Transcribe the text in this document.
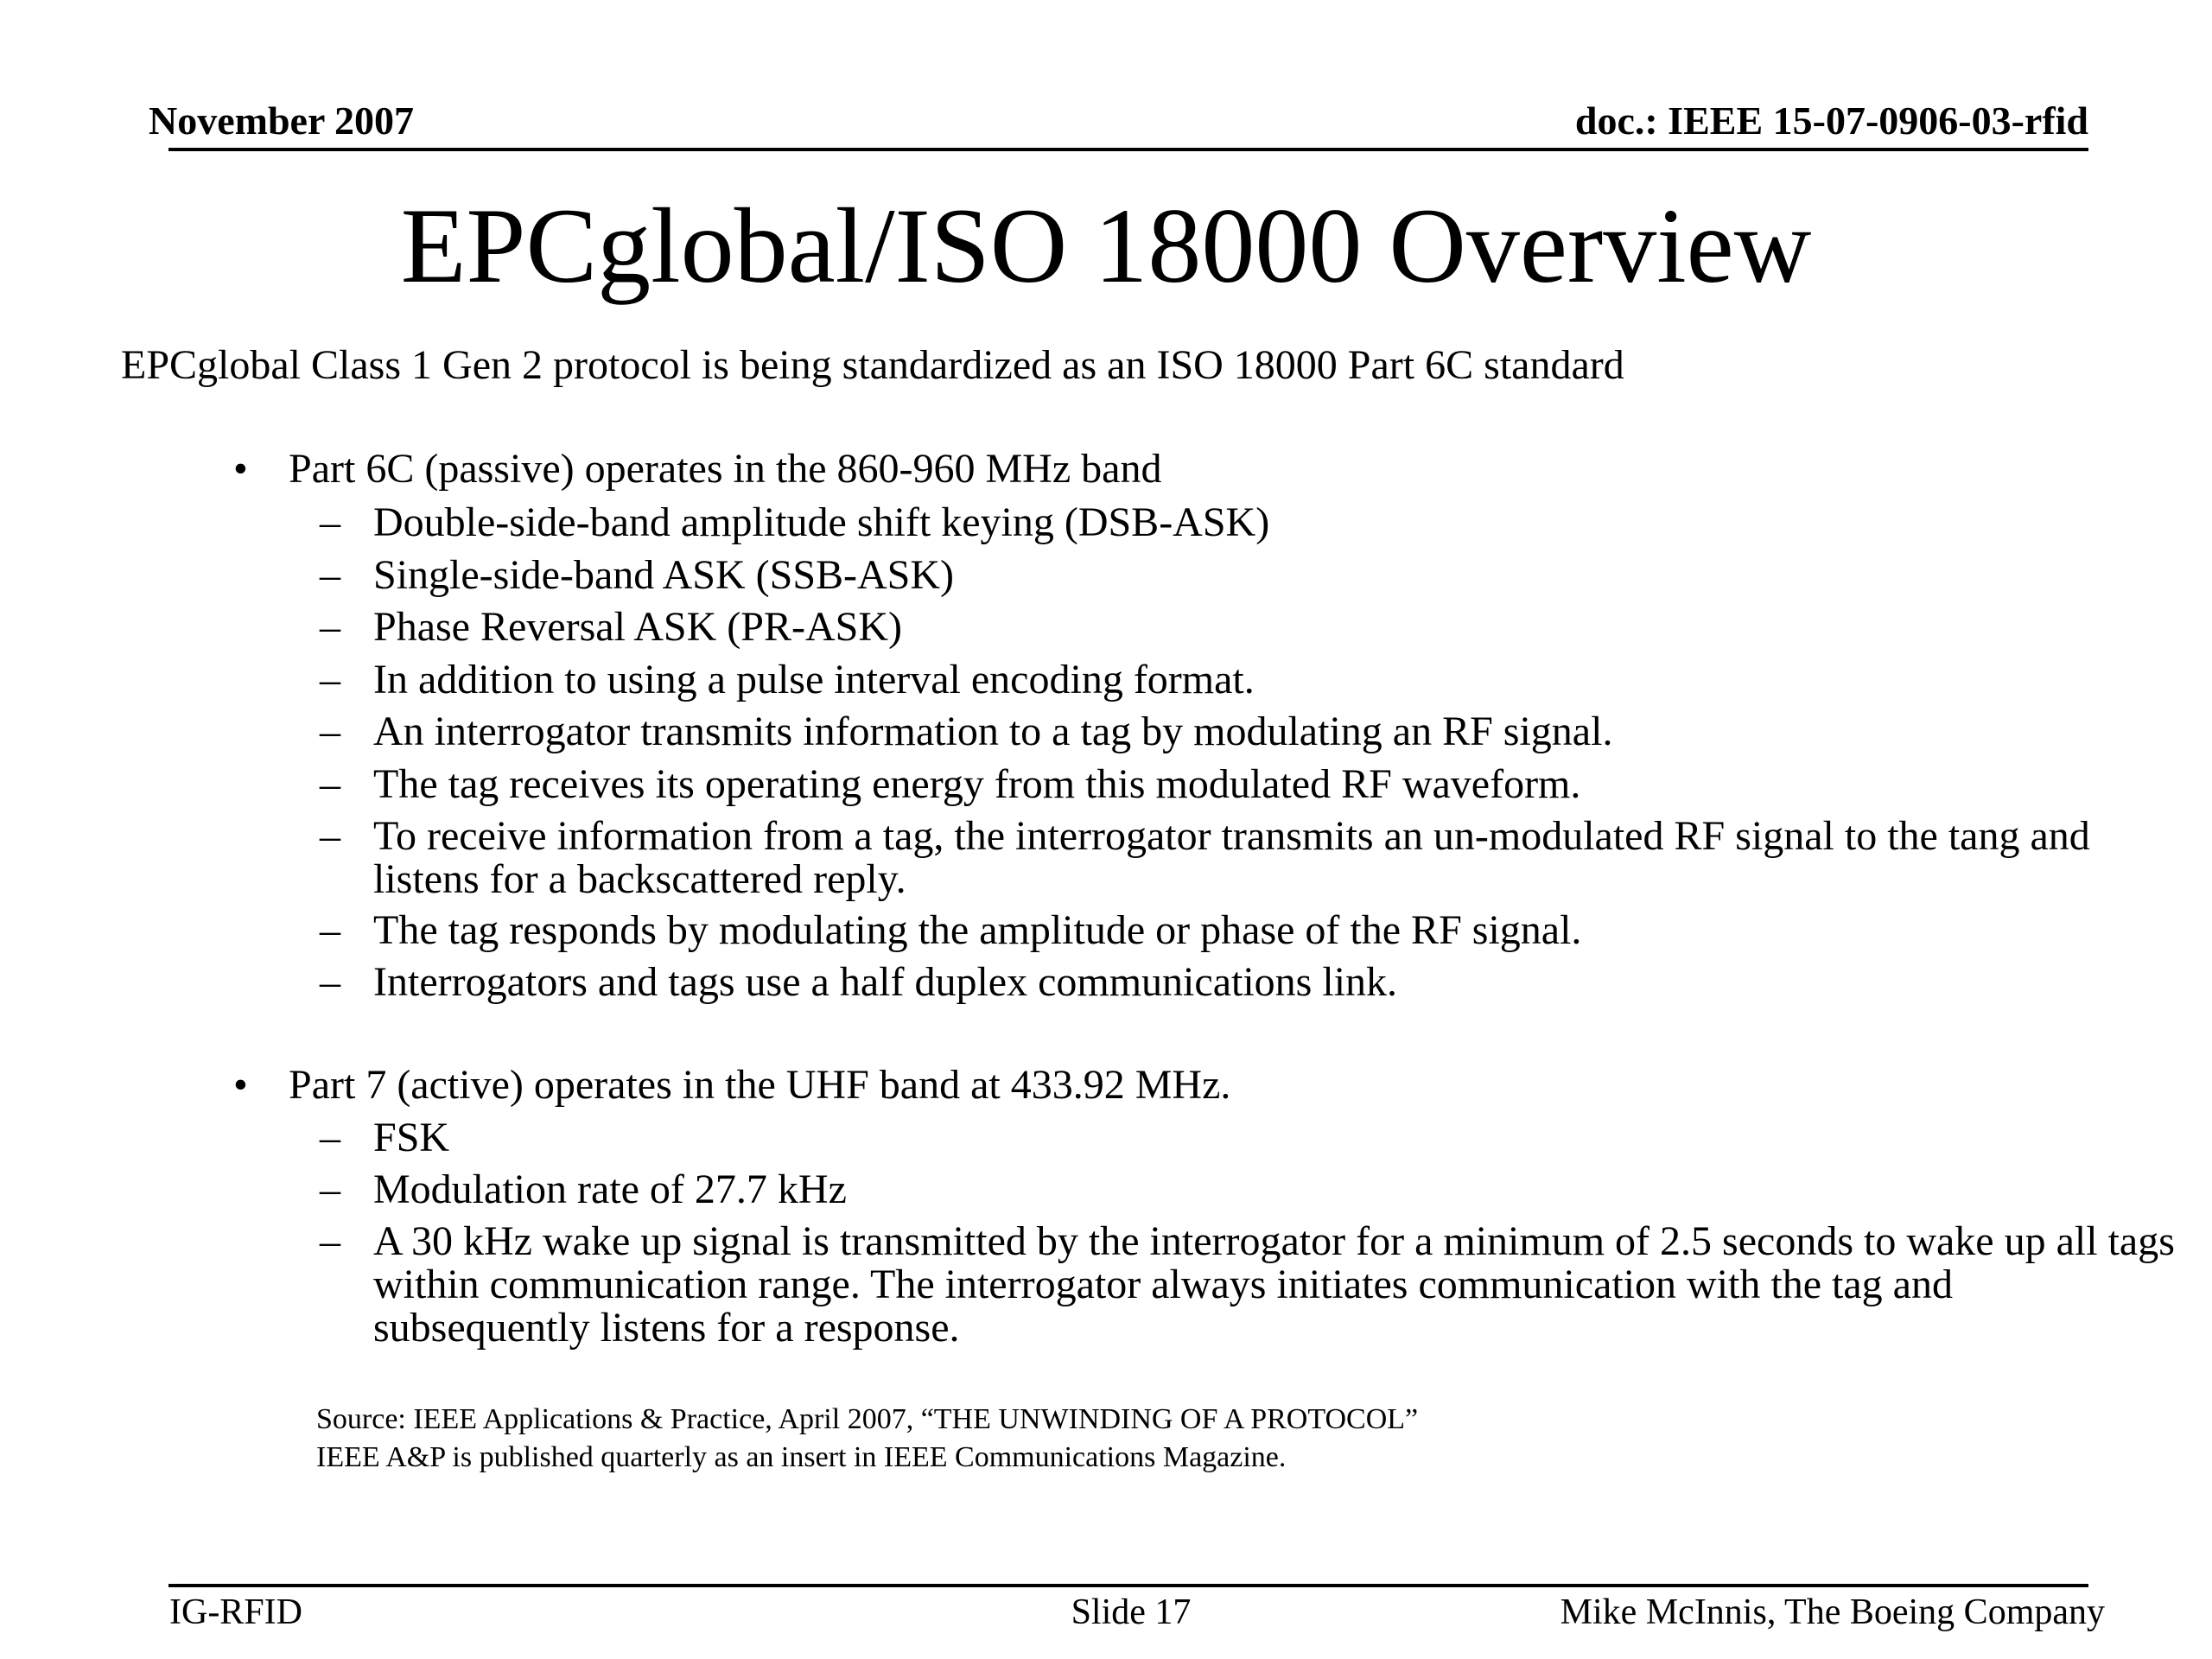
November 2007	doc.: IEEE 15-07-0906-03-rfid
EPCglobal/ISO 18000 Overview
EPCglobal Class 1 Gen 2 protocol is being standardized as an ISO 18000 Part 6C standard
• Part 6C (passive) operates in the 860-960 MHz band
– Double-side-band amplitude shift keying (DSB-ASK)
– Single-side-band ASK (SSB-ASK)
– Phase Reversal ASK (PR-ASK)
– In addition to using a pulse interval encoding format.
– An interrogator transmits information to a tag by modulating an RF signal.
– The tag receives its operating energy from this modulated RF waveform.
– To receive information from a tag, the interrogator transmits an un-modulated RF signal to the tang and listens for a backscattered reply.
– The tag responds by modulating the amplitude or phase of the RF signal.
– Interrogators and tags use a half duplex communications link.
• Part 7 (active) operates in the UHF band at 433.92 MHz.
– FSK
– Modulation rate of 27.7 kHz
– A 30 kHz wake up signal is transmitted by the interrogator for a minimum of 2.5 seconds to wake up all tags within communication range. The interrogator always initiates communication with the tag and subsequently listens for a response.
Source: IEEE Applications & Practice, April 2007, “THE UNWINDING OF A PROTOCOL”
IEEE A&P is published quarterly as an insert in IEEE Communications Magazine.
IG-RFID	Slide 17	Mike McInnis, The Boeing Company
